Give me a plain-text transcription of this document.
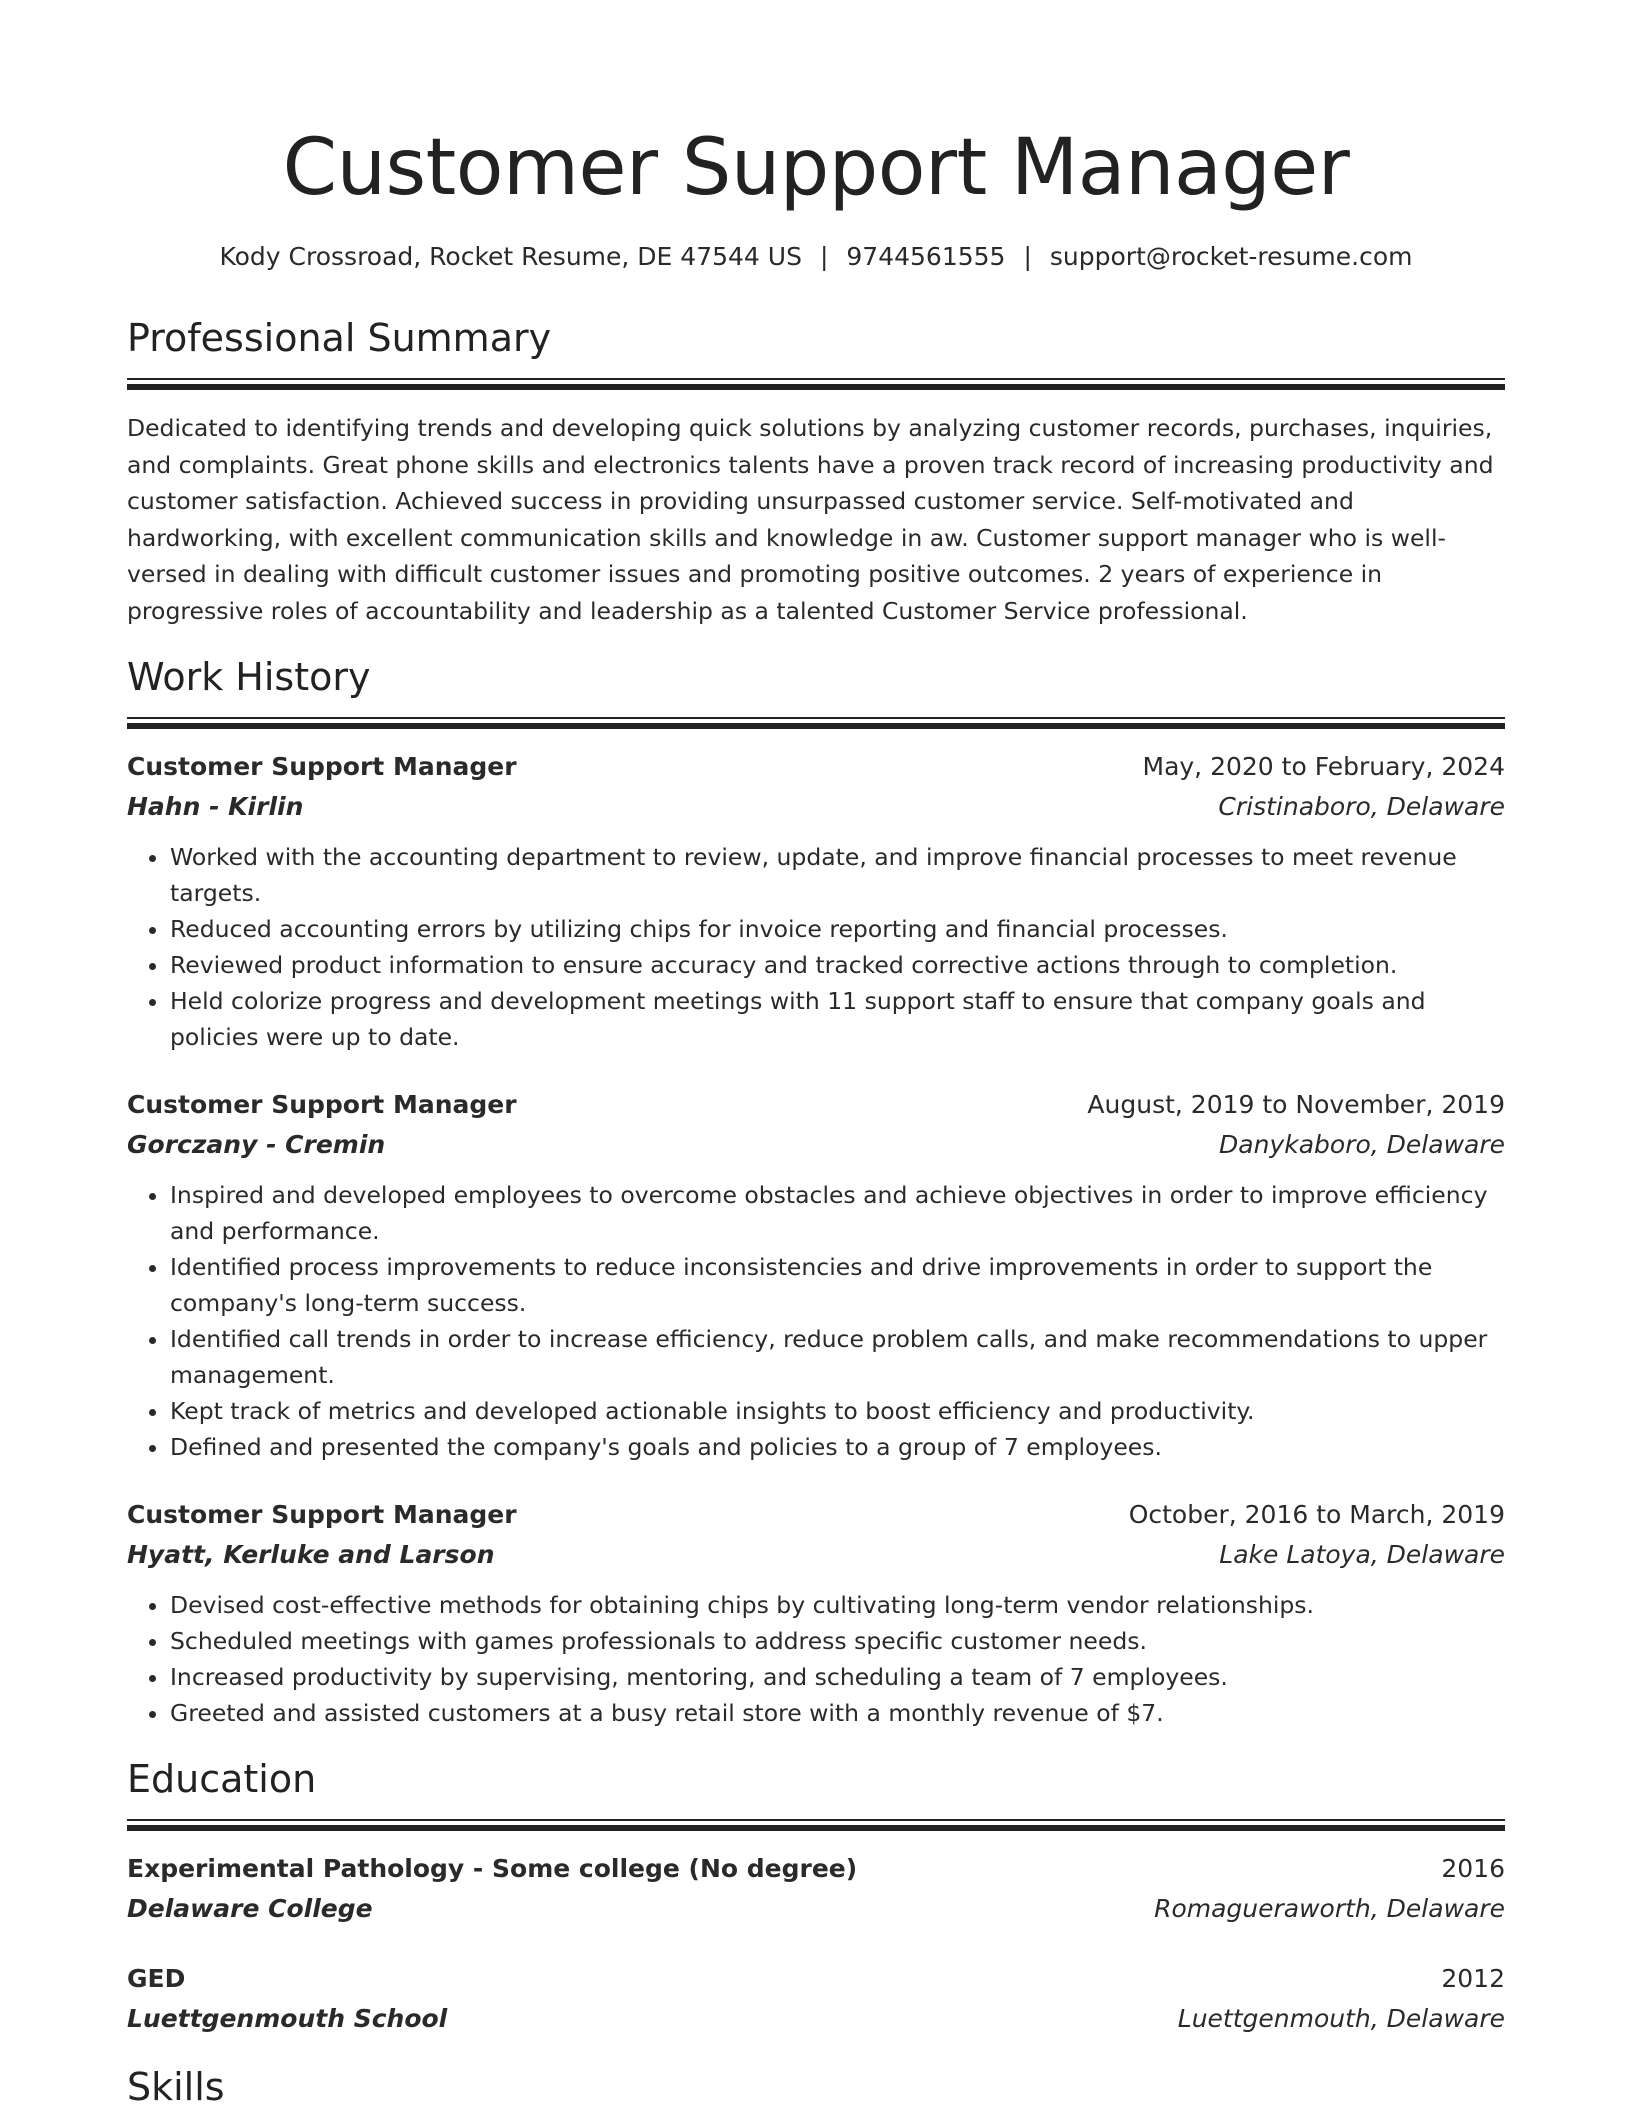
Customer Support Manager
Kody Crossroad, Rocket Resume, DE 47544 US | 9744561555 | support@rocket-resume.com
Professional Summary

Dedicated to identifying trends and developing quick solutions by analyzing customer records, purchases, inquiries, and complaints. Great phone skills and electronics talents have a proven track record of increasing productivity and customer satisfaction. Achieved success in providing unsurpassed customer service. Self-motivated and hardworking, with excellent communication skills and knowledge in aw. Customer support manager who is well-versed in dealing with difficult customer issues and promoting positive outcomes. 2 years of experience in progressive roles of accountability and leadership as a talented Customer Service professional.

Work History
Customer Support Manager	May, 2020 to February, 2024
Hahn - Kirlin	Cristinaboro, Delaware
• Worked with the accounting department to review, update, and improve financial processes to meet revenue targets.
• Reduced accounting errors by utilizing chips for invoice reporting and financial processes.
• Reviewed product information to ensure accuracy and tracked corrective actions through to completion.
• Held colorize progress and development meetings with 11 support staff to ensure that company goals and policies were up to date.
Customer Support Manager	August, 2019 to November, 2019
Gorczany - Cremin	Danykaboro, Delaware
• Inspired and developed employees to overcome obstacles and achieve objectives in order to improve efficiency and performance.
• Identified process improvements to reduce inconsistencies and drive improvements in order to support the company's long-term success.
• Identified call trends in order to increase efficiency, reduce problem calls, and make recommendations to upper management.
• Kept track of metrics and developed actionable insights to boost efficiency and productivity.
• Defined and presented the company's goals and policies to a group of 7 employees.
Customer Support Manager	October, 2016 to March, 2019
Hyatt, Kerluke and Larson	Lake Latoya, Delaware
• Devised cost-effective methods for obtaining chips by cultivating long-term vendor relationships.
• Scheduled meetings with games professionals to address specific customer needs.
• Increased productivity by supervising, mentoring, and scheduling a team of 7 employees.
• Greeted and assisted customers at a busy retail store with a monthly revenue of $7.
Education
Experimental Pathology - Some college (No degree)	2016
Delaware College	Romagueraworth, Delaware
GED	2012
Luettgenmouth School	Luettgenmouth, Delaware
Skills
